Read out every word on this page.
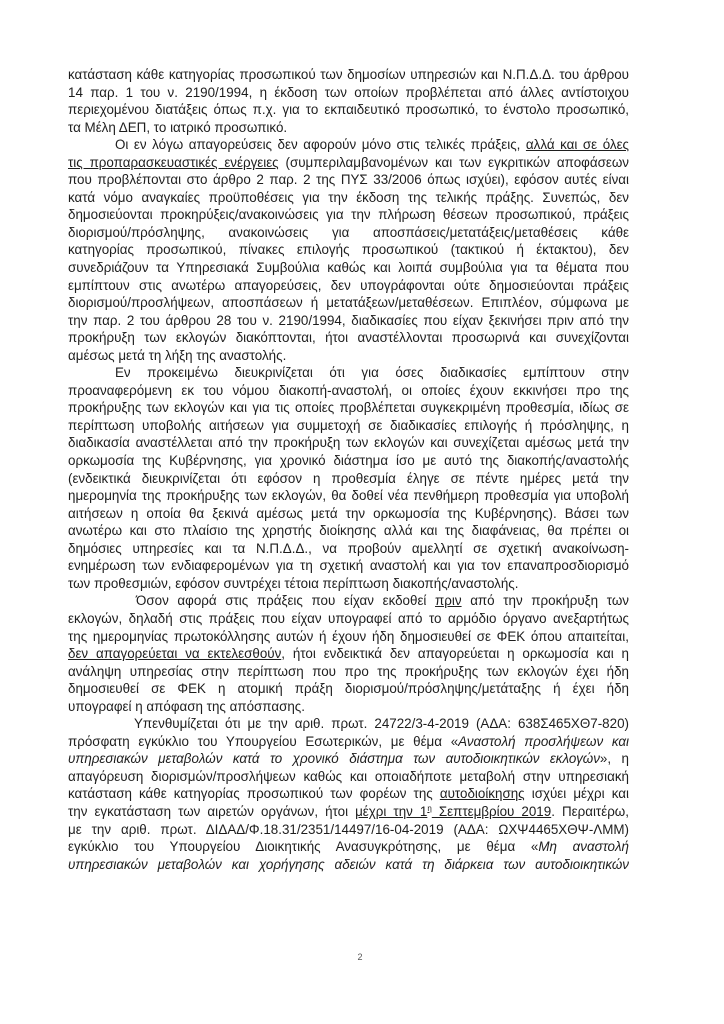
κατάσταση κάθε κατηγορίας προσωπικού των δημοσίων υπηρεσιών και Ν.Π.Δ.Δ. του άρθρου
14 παρ. 1 του ν. 2190/1994, η έκδοση των οποίων προβλέπεται από άλλες αντίστοιχου
περιεχομένου διατάξεις όπως π.χ. για το εκπαιδευτικό προσωπικό, το ένστολο προσωπικό,
τα Μέλη ΔΕΠ, το ιατρικό προσωπικό.
Οι εν λόγω απαγορεύσεις δεν αφορούν μόνο στις τελικές πράξεις, αλλά και σε όλες
τις προπαρασκευαστικές ενέργειες (συμπεριλαμβανομένων και των εγκριτικών αποφάσεων
που προβλέπονται στο άρθρο 2 παρ. 2 της ΠΥΣ 33/2006 όπως ισχύει), εφόσον αυτές είναι
κατά νόμο αναγκαίες προϋποθέσεις για την έκδοση της τελικής πράξης. Συνεπώς, δεν
δημοσιεύονται προκηρύξεις/ανακοινώσεις για την πλήρωση θέσεων προσωπικού, πράξεις
διορισμού/πρόσληψης, ανακοινώσεις για αποσπάσεις/μετατάξεις/μεταθέσεις κάθε
κατηγορίας προσωπικού, πίνακες επιλογής προσωπικού (τακτικού ή έκτακτου), δεν
συνεδριάζουν τα Υπηρεσιακά Συμβούλια καθώς και λοιπά συμβούλια για τα θέματα που
εμπίπτουν στις ανωτέρω απαγορεύσεις, δεν υπογράφονται ούτε δημοσιεύονται πράξεις
διορισμού/προσλήψεων, αποσπάσεων ή μετατάξεων/μεταθέσεων. Επιπλέον, σύμφωνα με
την παρ. 2 του άρθρου 28 του ν. 2190/1994, διαδικασίες που είχαν ξεκινήσει πριν από την
προκήρυξη των εκλογών διακόπτονται, ήτοι αναστέλλονται προσωρινά και συνεχίζονται
αμέσως μετά τη λήξη της αναστολής.
Εν προκειμένω διευκρινίζεται ότι για όσες διαδικασίες εμπίπτουν στην
προαναφερόμενη εκ του νόμου διακοπή-αναστολή, οι οποίες έχουν εκκινήσει προ της
προκήρυξης των εκλογών και για τις οποίες προβλέπεται συγκεκριμένη προθεσμία, ιδίως σε
περίπτωση υποβολής αιτήσεων για συμμετοχή σε διαδικασίες επιλογής ή πρόσληψης, η
διαδικασία αναστέλλεται από την προκήρυξη των εκλογών και συνεχίζεται αμέσως μετά την
ορκωμοσία της Κυβέρνησης, για χρονικό διάστημα ίσο με αυτό της διακοπής/αναστολής
(ενδεικτικά διευκρινίζεται ότι εφόσον η προθεσμία έληγε σε πέντε ημέρες μετά την
ημερομηνία της προκήρυξης των εκλογών, θα δοθεί νέα πενθήμερη προθεσμία για υποβολή
αιτήσεων η οποία θα ξεκινά αμέσως μετά την ορκωμοσία της Κυβέρνησης). Βάσει των
ανωτέρω και στο πλαίσιο της χρηστής διοίκησης αλλά και της διαφάνειας, θα πρέπει οι
δημόσιες υπηρεσίες και τα Ν.Π.Δ.Δ., να προβούν αμελλητί σε σχετική ανακοίνωση-
ενημέρωση των ενδιαφερομένων για τη σχετική αναστολή και για τον επαναπροσδιορισμό
των προθεσμιών, εφόσον συντρέχει τέτοια περίπτωση διακοπής/αναστολής.
Όσον αφορά στις πράξεις που είχαν εκδοθεί πριν από την προκήρυξη των
εκλογών, δηλαδή στις πράξεις που είχαν υπογραφεί από το αρμόδιο όργανο ανεξαρτήτως
της ημερομηνίας πρωτοκόλλησης αυτών ή έχουν ήδη δημοσιευθεί σε ΦΕΚ όπου απαιτείται,
δεν απαγορεύεται να εκτελεσθούν, ήτοι ενδεικτικά δεν απαγορεύεται η ορκωμοσία και η
ανάληψη υπηρεσίας στην περίπτωση που προ της προκήρυξης των εκλογών έχει ήδη
δημοσιευθεί σε ΦΕΚ η ατομική πράξη διορισμού/πρόσληψης/μετάταξης ή έχει ήδη
υπογραφεί η απόφαση της απόσπασης.
Υπενθυμίζεται ότι με την αριθ. πρωτ. 24722/3-4-2019 (ΑΔΑ: 638Σ465ΧΘ7-820)
πρόσφατη εγκύκλιο του Υπουργείου Εσωτερικών, με θέμα «Αναστολή προσλήψεων και
υπηρεσιακών μεταβολών κατά το χρονικό διάστημα των αυτοδιοικητικών εκλογών», η
απαγόρευση διορισμών/προσλήψεων καθώς και οποιαδήποτε μεταβολή στην υπηρεσιακή
κατάσταση κάθε κατηγορίας προσωπικού των φορέων της αυτοδιοίκησης ισχύει μέχρι και
την εγκατάσταση των αιρετών οργάνων, ήτοι μέχρι την $1^\eta$ Σεπτεμβρίου 2019. Περαιτέρω,
με την αριθ. πρωτ. ΔΙΔΑΔ/Φ.18.31/2351/14497/16-04-2019 (ΑΔΑ: ΩΧΨ4465ΧΘΨ-ΛΜΜ)
εγκύκλιο του Υπουργείου Διοικητικής Ανασυγκρότησης, με θέμα «Μη αναστολή
υπηρεσιακών μεταβολών και χορήγησης αδειών κατά τη διάρκεια των αυτοδιοικητικών
2
